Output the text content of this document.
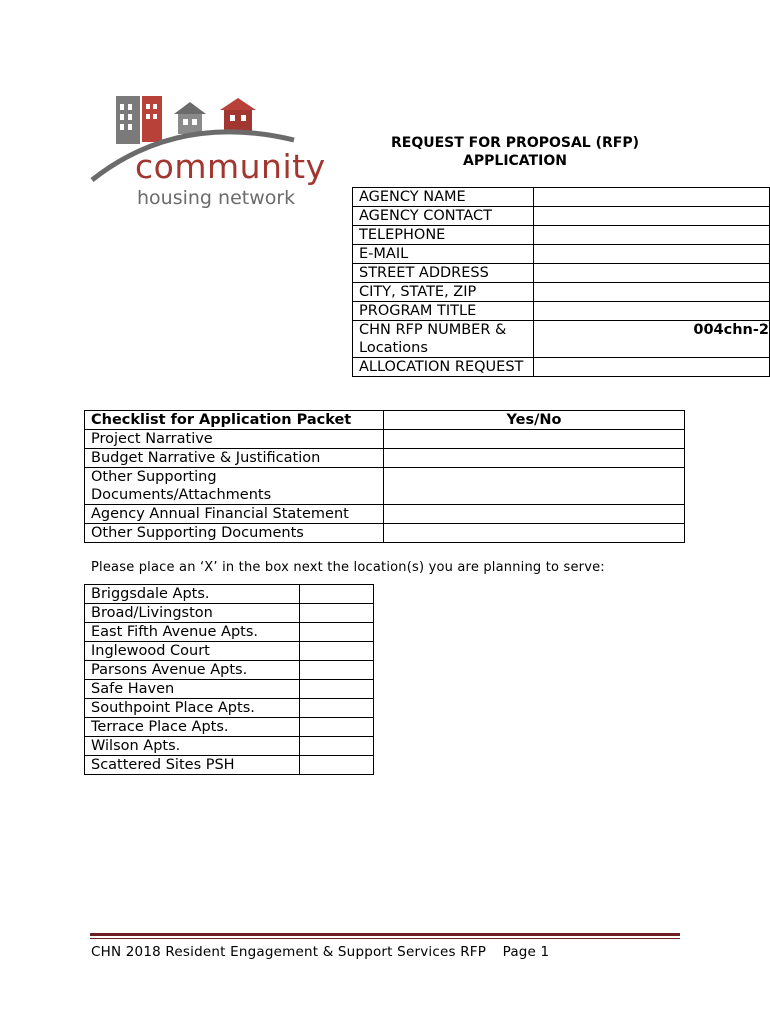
community
housing network
REQUEST FOR PROPOSAL (RFP)
APPLICATION
AGENCY NAME	
AGENCY CONTACT	
TELEPHONE	
E-MAIL	
STREET ADDRESS	
CITY, STATE, ZIP	
PROGRAM TITLE	

CHN RFP NUMBER &
Locations	004chn-2
ALLOCATION REQUEST	
Checklist for Application Packet	Yes/No
Project Narrative	
Budget Narrative & Justification	

Other Supporting
Documents/Attachments	

Agency Annual Financial Statement	
Other Supporting Documents	
Please place an ‘X’ in the box next the location(s) you are planning to serve:
Briggsdale Apts.	
Broad/Livingston	
East Fifth Avenue Apts.	
Inglewood Court	
Parsons Avenue Apts.	
Safe Haven	
Southpoint Place Apts.	
Terrace Place Apts.	
Wilson Apts.	
Scattered Sites PSH	
CHN 2018 Resident Engagement & Support Services RFP Page 1
